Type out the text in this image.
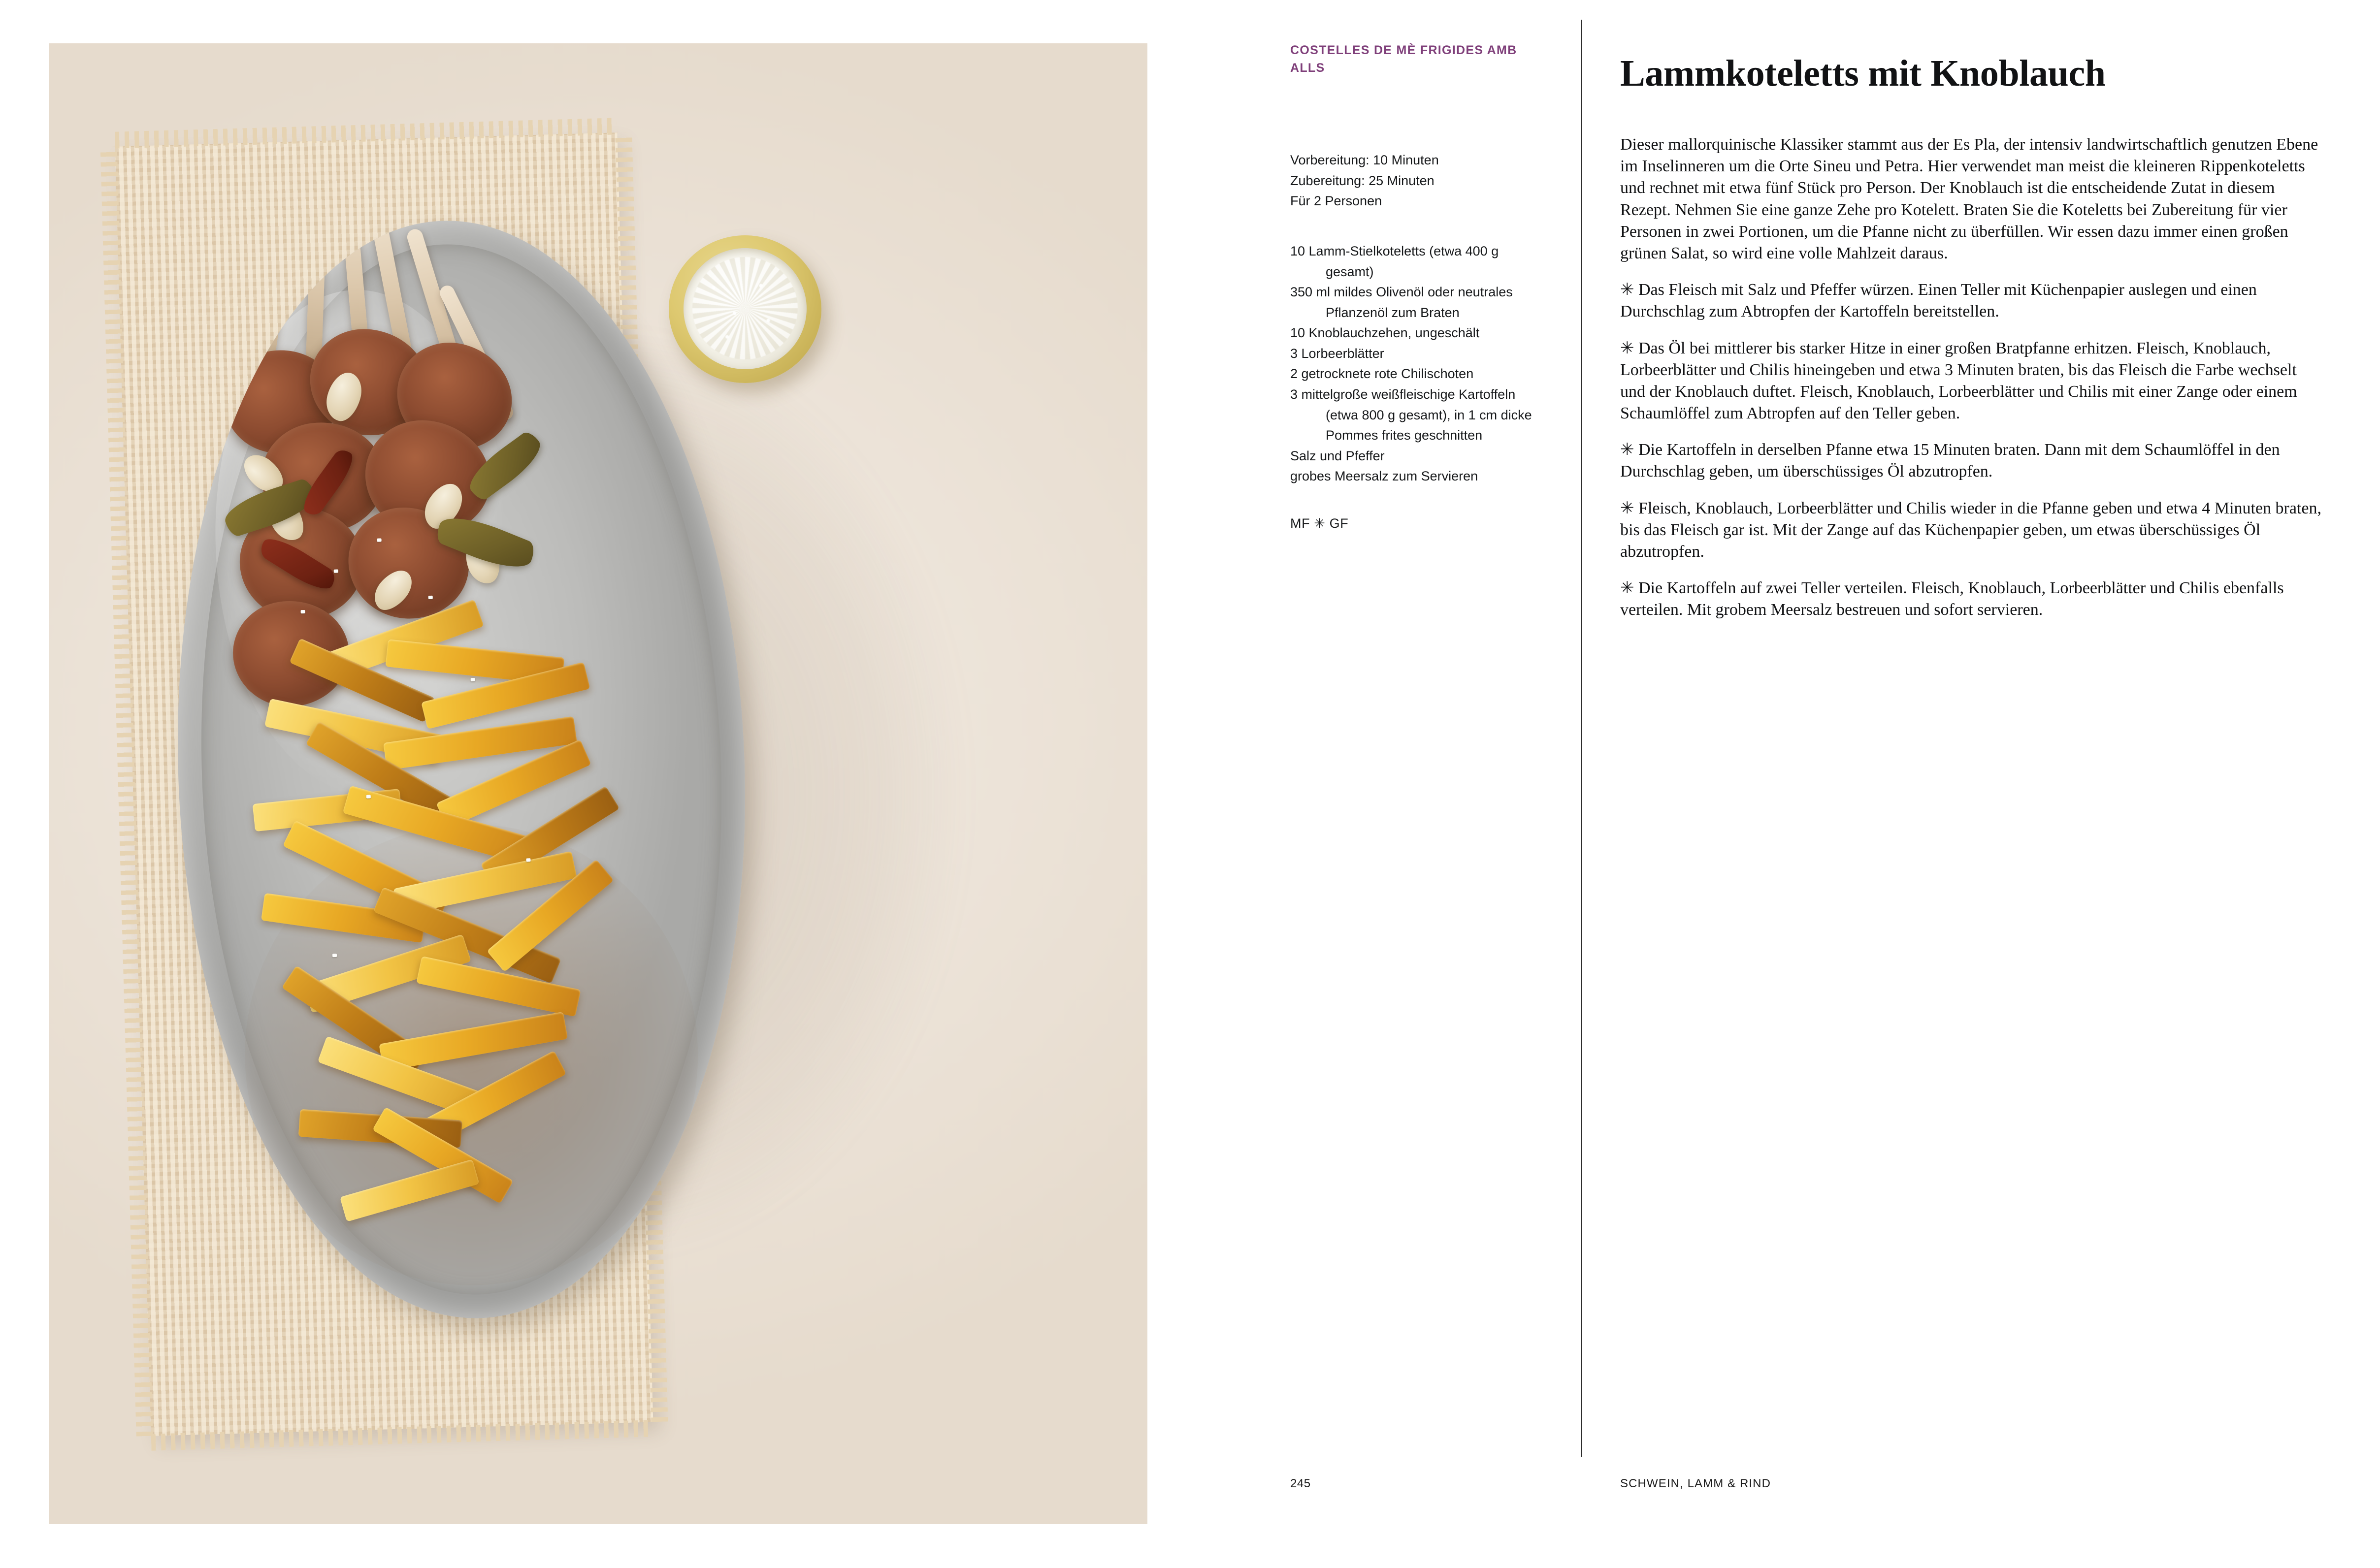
COSTELLES DE MÈ FRIGIDES AMB ALLS
Vorbereitung: 10 Minuten
Zubereitung: 25 Minuten
Für 2 Personen
10 Lamm-Stielkoteletts (etwa 400 g
gesamt)
350 ml mildes Olivenöl oder neutrales
Pflanzenöl zum Braten
10 Knoblauchzehen, ungeschält
3 Lorbeerblätter
2 getrocknete rote Chilischoten
3 mittelgroße weißfleischige Kartoffeln
(etwa 800 g gesamt), in 1 cm dicke
Pommes frites geschnitten
Salz und Pfeffer
grobes Meersalz zum Servieren
MF ✳ GF
Lammkoteletts mit Knoblauch

Dieser mallorquinische Klassiker stammt aus der Es Pla, der intensiv landwirtschaftlich genutzen Ebene im Inselinneren um die Orte Sineu und Petra. Hier verwendet man meist die kleineren Rippenkoteletts und rechnet mit etwa fünf Stück pro Person. Der Knoblauch ist die entscheidende Zutat in diesem Rezept. Nehmen Sie eine ganze Zehe pro Kotelett. Braten Sie die Koteletts bei Zubereitung für vier Personen in zwei Portionen, um die Pfanne nicht zu überfüllen. Wir essen dazu immer einen großen grünen Salat, so wird eine volle Mahlzeit daraus.

✳ Das Fleisch mit Salz und Pfeffer würzen. Einen Teller mit Küchenpapier auslegen und einen Durchschlag zum Abtropfen der Kartoffeln bereitstellen.

✳ Das Öl bei mittlerer bis starker Hitze in einer großen Bratpfanne erhitzen. Fleisch, Knoblauch, Lorbeerblätter und Chilis hineingeben und etwa 3 Minuten braten, bis das Fleisch die Farbe wechselt und der Knoblauch duftet. Fleisch, Knoblauch, Lorbeerblätter und Chilis mit einer Zange oder einem Schaumlöffel zum Abtropfen auf den Teller geben.

✳ Die Kartoffeln in derselben Pfanne etwa 15 Minuten braten. Dann mit dem Schaumlöffel in den Durchschlag geben, um überschüssiges Öl abzutropfen.

✳ Fleisch, Knoblauch, Lorbeerblätter und Chilis wieder in die Pfanne geben und etwa 4 Minuten braten, bis das Fleisch gar ist. Mit der Zange auf das Küchenpapier geben, um etwas überschüssiges Öl abzutropfen.

✳ Die Kartoffeln auf zwei Teller verteilen. Fleisch, Knoblauch, Lorbeerblätter und Chilis ebenfalls verteilen. Mit grobem Meersalz bestreuen und sofort servieren.

245	SCHWEIN, LAMM & RIND
